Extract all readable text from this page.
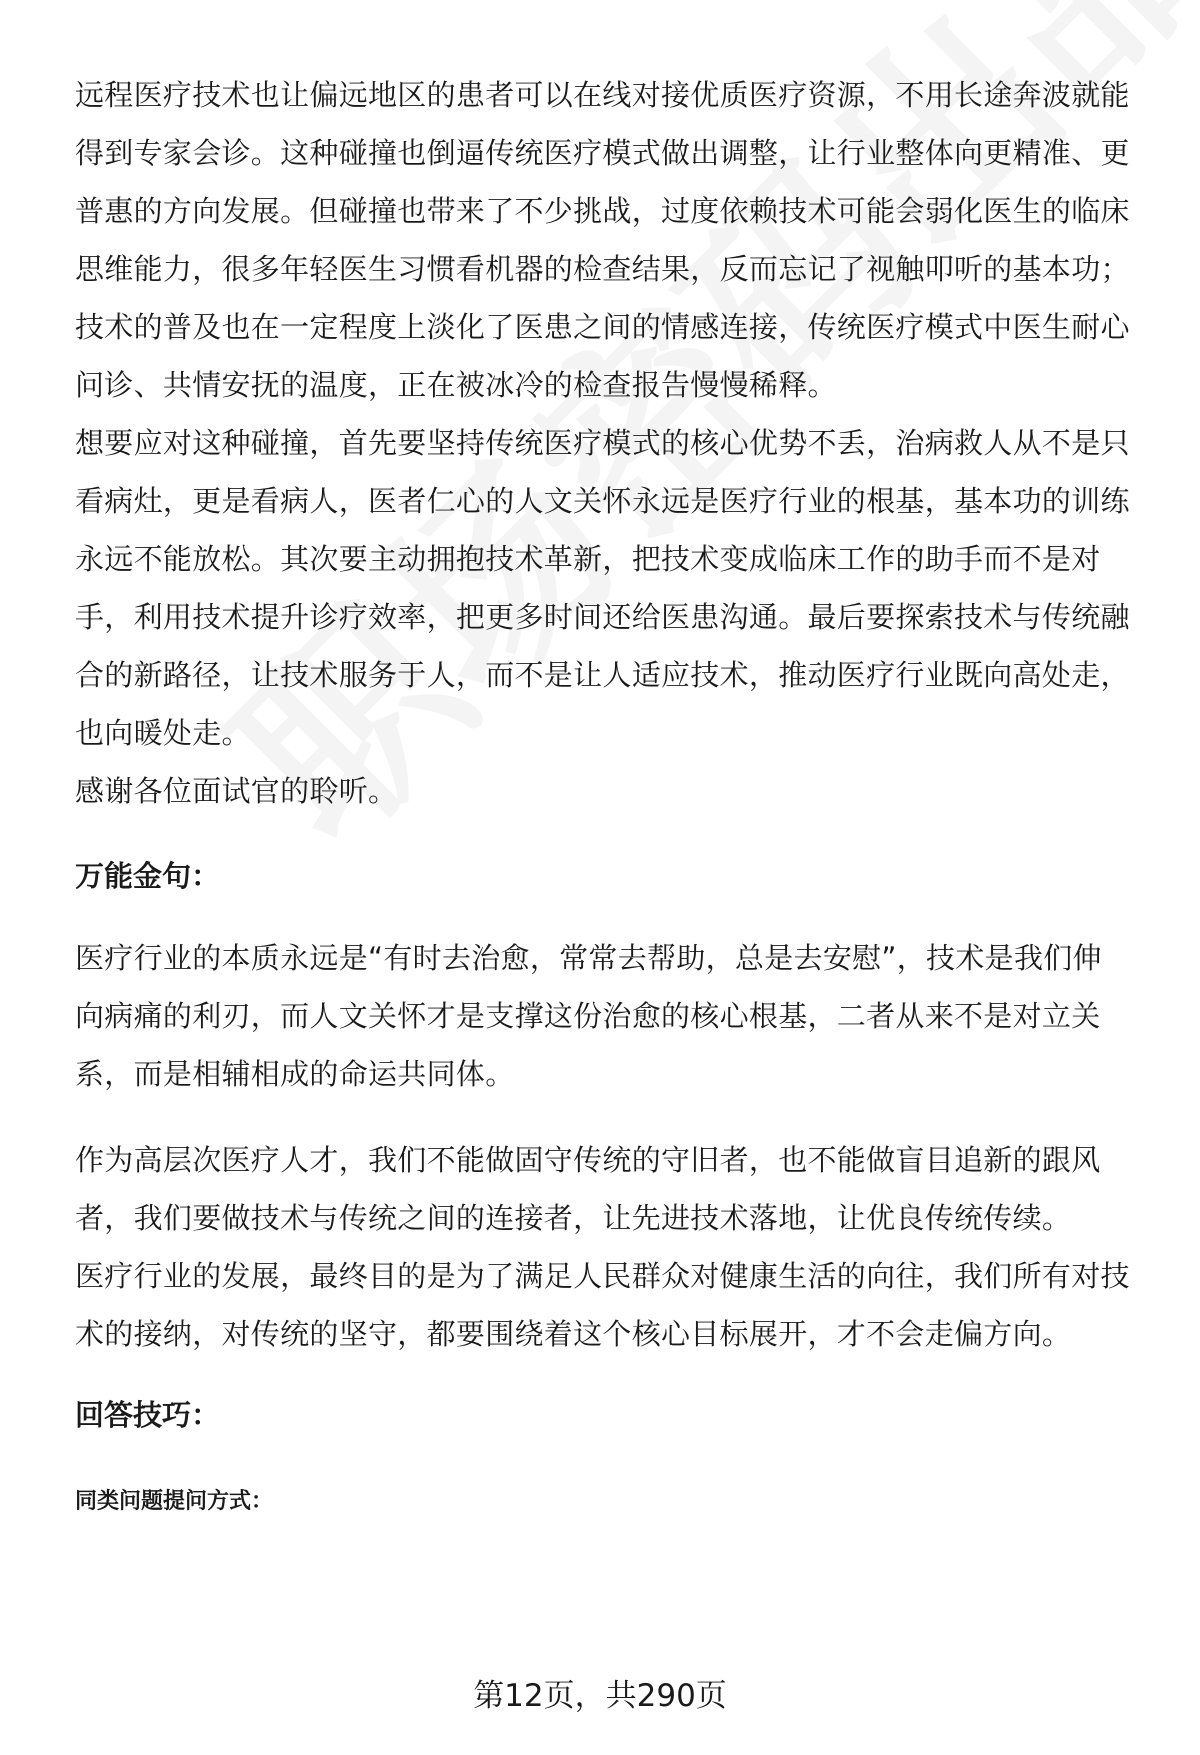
远程医疗技术也让偏远地区的患者可以在线对接优质医疗资源，不用长途奔波就能
得到专家会诊。这种碰撞也倒逼传统医疗模式做出调整，让行业整体向更精准、更
普惠的方向发展。但碰撞也带来了不少挑战，过度依赖技术可能会弱化医生的临床
思维能力，很多年轻医生习惯看机器的检查结果，反而忘记了视触叩听的基本功；
技术的普及也在一定程度上淡化了医患之间的情感连接，传统医疗模式中医生耐心
问诊、共情安抚的温度，正在被冰冷的检查报告慢慢稀释。
想要应对这种碰撞，首先要坚持传统医疗模式的核心优势不丢，治病救人从不是只
看病灶，更是看病人，医者仁心的人文关怀永远是医疗行业的根基，基本功的训练
永远不能放松。其次要主动拥抱技术革新，把技术变成临床工作的助手而不是对
手，利用技术提升诊疗效率，把更多时间还给医患沟通。最后要探索技术与传统融
合的新路径，让技术服务于人，而不是让人适应技术，推动医疗行业既向高处走，
也向暖处走。
感谢各位面试官的聆听。
万能金句：
医疗行业的本质永远是“有时去治愈，常常去帮助，总是去安慰”，技术是我们伸
向病痛的利刃，而人文关怀才是支撑这份治愈的核心根基，二者从来不是对立关
系，而是相辅相成的命运共同体。
作为高层次医疗人才，我们不能做固守传统的守旧者，也不能做盲目追新的跟风
者，我们要做技术与传统之间的连接者，让先进技术落地，让优良传统传续。
医疗行业的发展，最终目的是为了满足人民群众对健康生活的向往，我们所有对技
术的接纳，对传统的坚守，都要围绕着这个核心目标展开，才不会走偏方向。
回答技巧：
同类问题提问方式：
第12页，共290页
